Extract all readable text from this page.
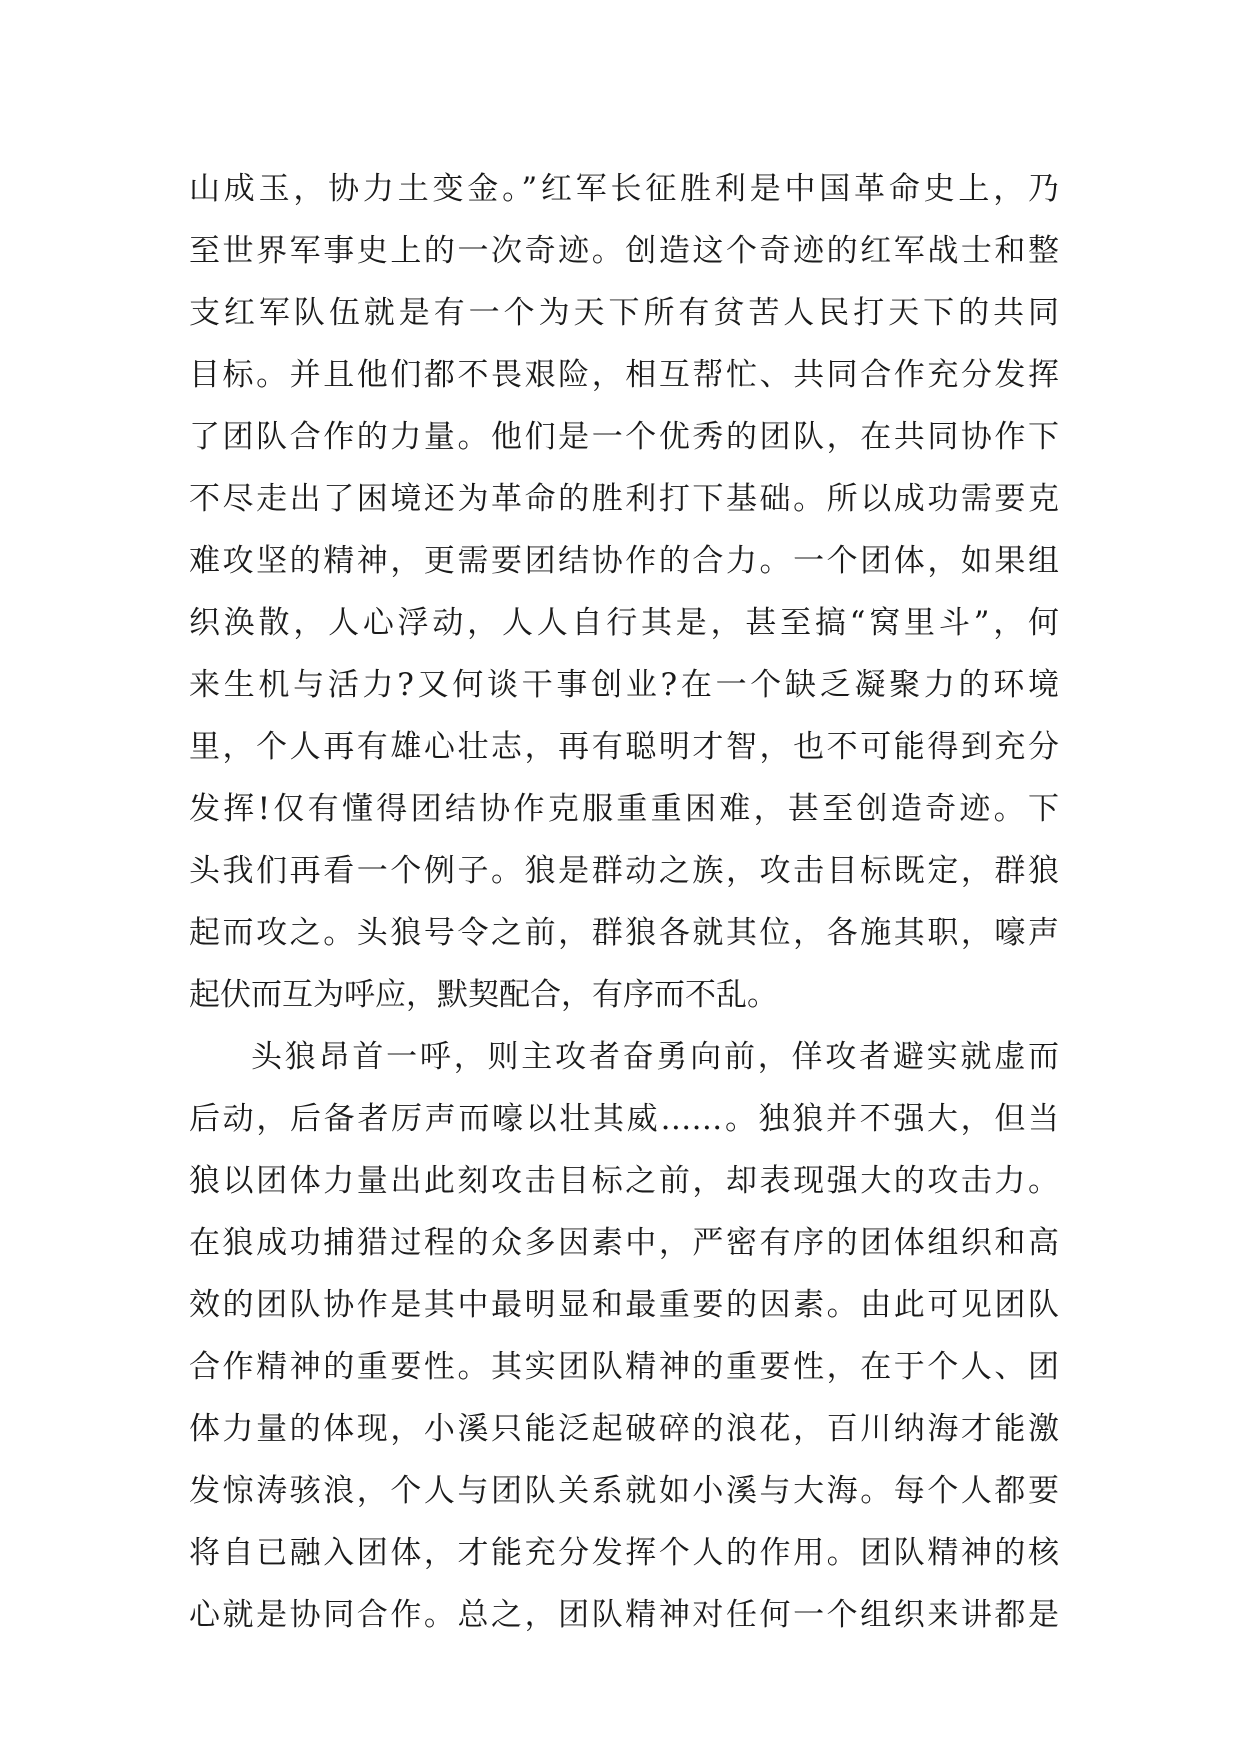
山成玉，协力土变金。”红军长征胜利是中国革命史上，乃
至世界军事史上的一次奇迹。创造这个奇迹的红军战士和整
支红军队伍就是有一个为天下所有贫苦人民打天下的共同
目标。并且他们都不畏艰险，相互帮忙、共同合作充分发挥
了团队合作的力量。他们是一个优秀的团队，在共同协作下
不尽走出了困境还为革命的胜利打下基础。所以成功需要克
难攻坚的精神，更需要团结协作的合力。一个团体，如果组
织涣散，人心浮动，人人自行其是，甚至搞“窝里斗”，何
来生机与活力?又何谈干事创业?在一个缺乏凝聚力的环境
里，个人再有雄心壮志，再有聪明才智，也不可能得到充分
发挥!仅有懂得团结协作克服重重困难，甚至创造奇迹。下
头我们再看一个例子。狼是群动之族，攻击目标既定，群狼
起而攻之。头狼号令之前，群狼各就其位，各施其职，嚎声
起伏而互为呼应，默契配合，有序而不乱。
头狼昂首一呼，则主攻者奋勇向前，佯攻者避实就虚而
后动，后备者厉声而嚎以壮其威……。独狼并不强大，但当
狼以团体力量出此刻攻击目标之前，却表现强大的攻击力。
在狼成功捕猎过程的众多因素中，严密有序的团体组织和高
效的团队协作是其中最明显和最重要的因素。由此可见团队
合作精神的重要性。其实团队精神的重要性，在于个人、团
体力量的体现，小溪只能泛起破碎的浪花，百川纳海才能激
发惊涛骇浪，个人与团队关系就如小溪与大海。每个人都要
将自已融入团体，才能充分发挥个人的作用。团队精神的核
心就是协同合作。总之，团队精神对任何一个组织来讲都是
